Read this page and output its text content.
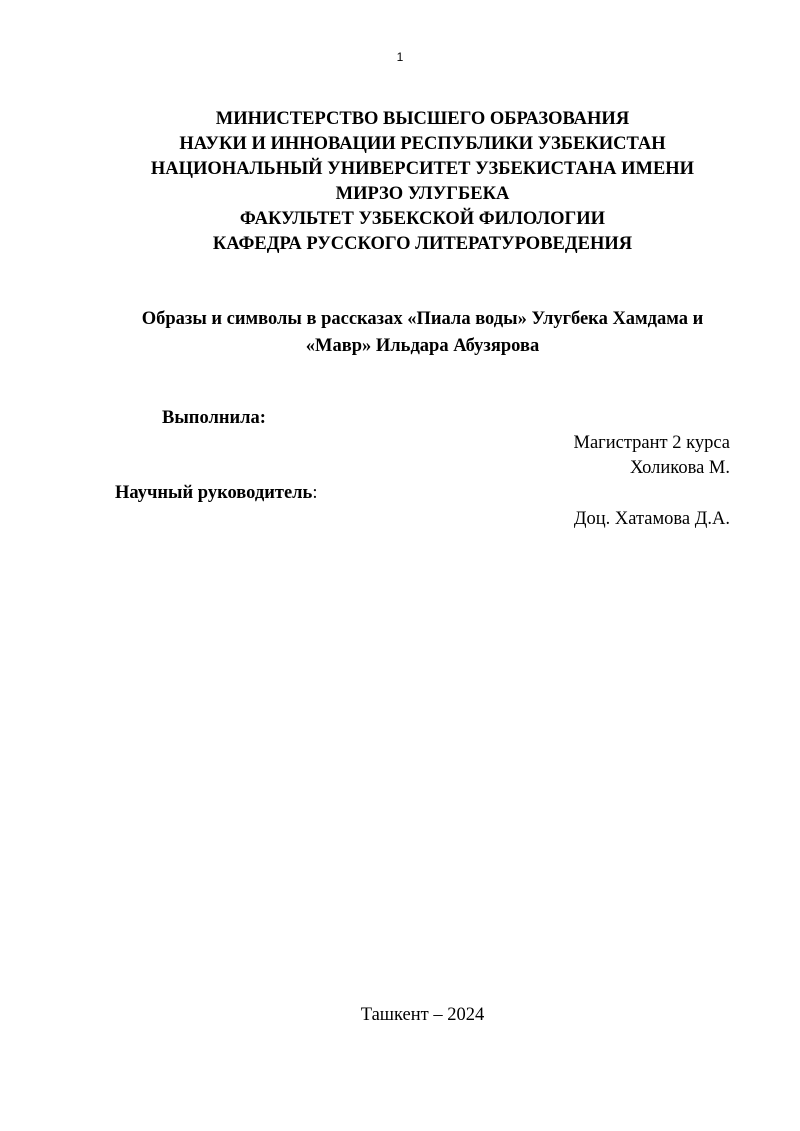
1
МИНИСТЕРСТВО ВЫСШЕГО ОБРАЗОВАНИЯ
НАУКИ И ИННОВАЦИИ РЕСПУБЛИКИ УЗБЕКИСТАН
НАЦИОНАЛЬНЫЙ УНИВЕРСИТЕТ УЗБЕКИСТАНА ИМЕНИ
МИРЗО УЛУГБЕКА
ФАКУЛЬТЕТ УЗБЕКСКОЙ ФИЛОЛОГИИ
КАФЕДРА РУССКОГО ЛИТЕРАТУРОВЕДЕНИЯ
Образы и символы в рассказах «Пиала воды» Улугбека Хамдама и
«Мавр» Ильдара Абузярова
Выполнила:
Магистрант 2 курса
Холикова М.
Научный руководитель:
Доц. Хатамова Д.А.
Ташкент – 2024
